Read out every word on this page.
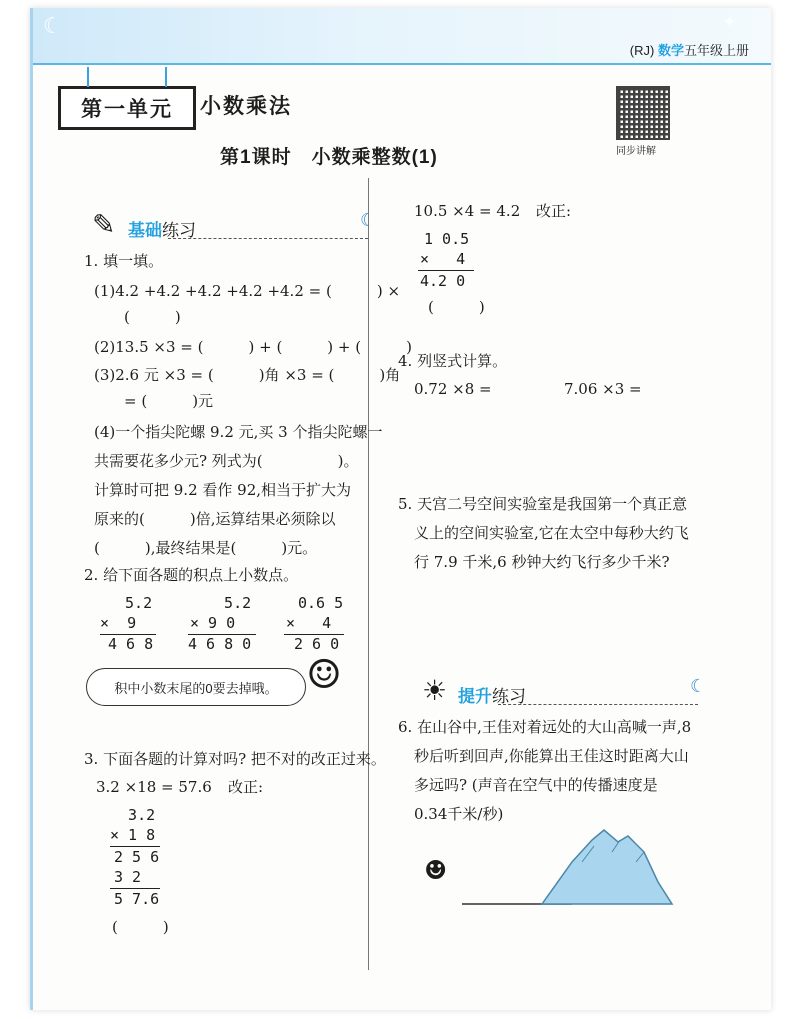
☾	✦
(RJ) 数学五年级上册
第一单元 小数乘法
同步讲解
第1课时　小数乘整数(1)
✎ 基础练习
☾
1. 填一填。
(1)4.2 +4.2 +4.2 +4.2 +4.2 = (　　　) ×
(　　　)
(2)13.5 ×3 = (　　　) + (　　　) + (　　　)
(3)2.6 元 ×3 = (　　　)角 ×3 = (　　　)角
= (　　　)元
(4)一个指尖陀螺 9.2 元,买 3 个指尖陀螺一
共需要花多少元? 列式为(　　　　　)。
计算时可把 9.2 看作 92,相当于扩大为
原来的(　　　)倍,运算结果必须除以
(　　　),最终结果是(　　　)元。
2. 给下面各题的积点上小数点。
5.2
×  9
4 6 8
5.2
× 9 0
4 6 8 0
0.6 5
×   4
2 6 0
积中小数末尾的0要去掉哦。 ☺
3. 下面各题的计算对吗? 把不对的改正过来。
3.2 ×18 = 57.6 改正:
3.2
× 1 8
2 5 6
3 2
5 7.6
(　　　)
10.5 ×4 = 4.2 改正:
1 0.5
×   4
4.2 0
(　　　)
4. 列竖式计算。
0.72 ×8 =	7.06 ×3 =
5. 天宫二号空间实验室是我国第一个真正意
义上的空间实验室,它在太空中每秒大约飞
行 7.9 千米,6 秒钟大约飞行多少千米?
☀ 提升练习
☾
6. 在山谷中,王佳对着远处的大山高喊一声,8
秒后听到回声,你能算出王佳这时距离大山
多远吗? (声音在空气中的传播速度是
0.34千米/秒)
☻
